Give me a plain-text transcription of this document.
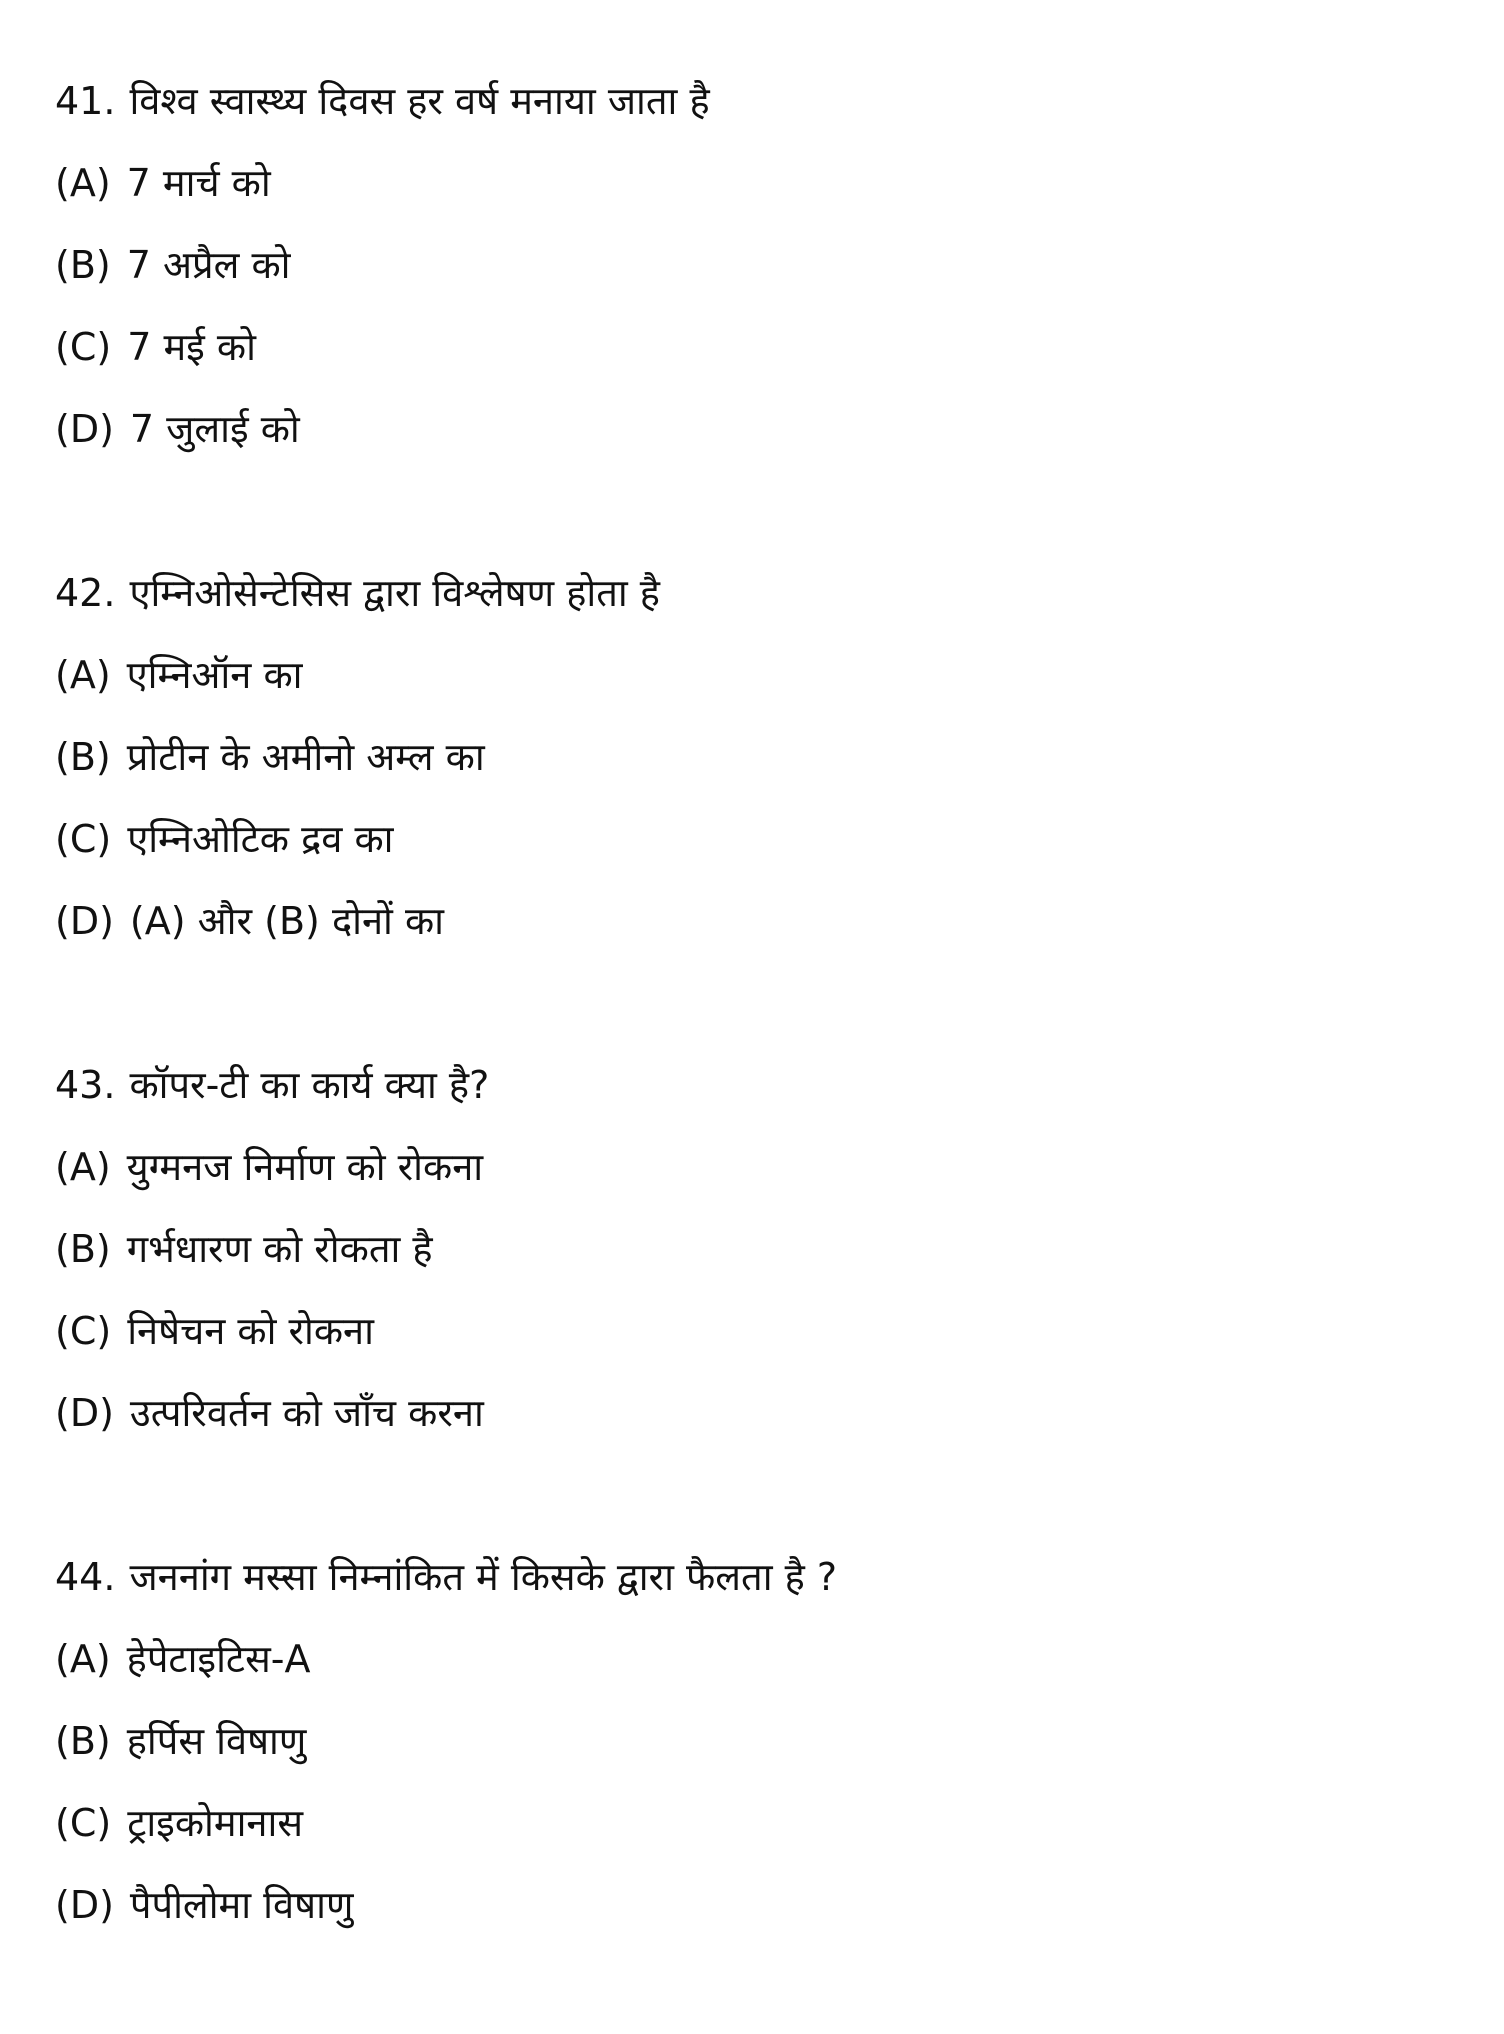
41. विश्व स्वास्थ्य दिवस हर वर्ष मनाया जाता है
(A) 7 मार्च को
(B) 7 अप्रैल को
(C) 7 मई को
(D) 7 जुलाई को
42. एम्निओसेन्टेसिस द्वारा विश्लेषण होता है
(A) एम्निऑन का
(B) प्रोटीन के अमीनो अम्ल का
(C) एम्निओटिक द्रव का
(D) (A) और (B) दोनों का
43. कॉपर-टी का कार्य क्या है?
(A) युग्मनज निर्माण को रोकना
(B) गर्भधारण को रोकता है
(C) निषेचन को रोकना
(D) उत्परिवर्तन को जाँच करना
44. जननांग मस्सा निम्नांकित में किसके द्वारा फैलता है ?
(A) हेपेटाइटिस-A
(B) हर्पिस विषाणु
(C) ट्राइकोमानास
(D) पैपीलोमा विषाणु
